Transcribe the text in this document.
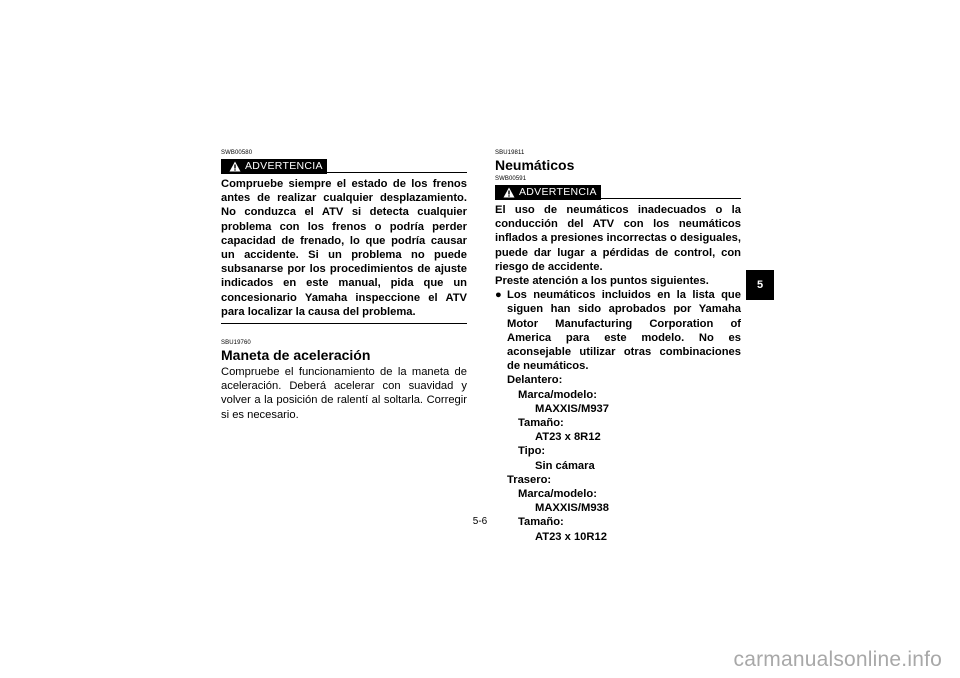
SWB00580
ADVERTENCIA
Compruebe siempre el estado de los frenos antes de realizar cualquier desplazamiento. No conduzca el ATV si detecta cualquier problema con los frenos o podría perder capacidad de frenado, lo que podría causar un accidente. Si un problema no puede subsanarse por los procedimientos de ajuste indicados en este manual, pida que un concesionario Yamaha inspeccione el ATV para localizar la causa del problema.
SBU19760
Maneta de aceleración
Compruebe el funcionamiento de la maneta de aceleración. Deberá acelerar con suavidad y volver a la posición de ralentí al soltarla. Corregir si es necesario.
SBU19811
Neumáticos
SWB00591
ADVERTENCIA
El uso de neumáticos inadecuados o la conducción del ATV con los neumáticos inflados a presiones incorrectas o desiguales, puede dar lugar a pérdidas de control, con riesgo de accidente.
Preste atención a los puntos siguientes.
● Los neumáticos incluidos en la lista que siguen han sido aprobados por Yamaha Motor Manufacturing Corporation of America para este modelo. No es aconsejable utilizar otras combinaciones de neumáticos.
Delantero:
Marca/modelo:
MAXXIS/M937
Tamaño:
AT23 x 8R12
Tipo:
Sin cámara
Trasero:
Marca/modelo:
MAXXIS/M938
Tamaño:
AT23 x 10R12
5-6
5
carmanualsonline.info
